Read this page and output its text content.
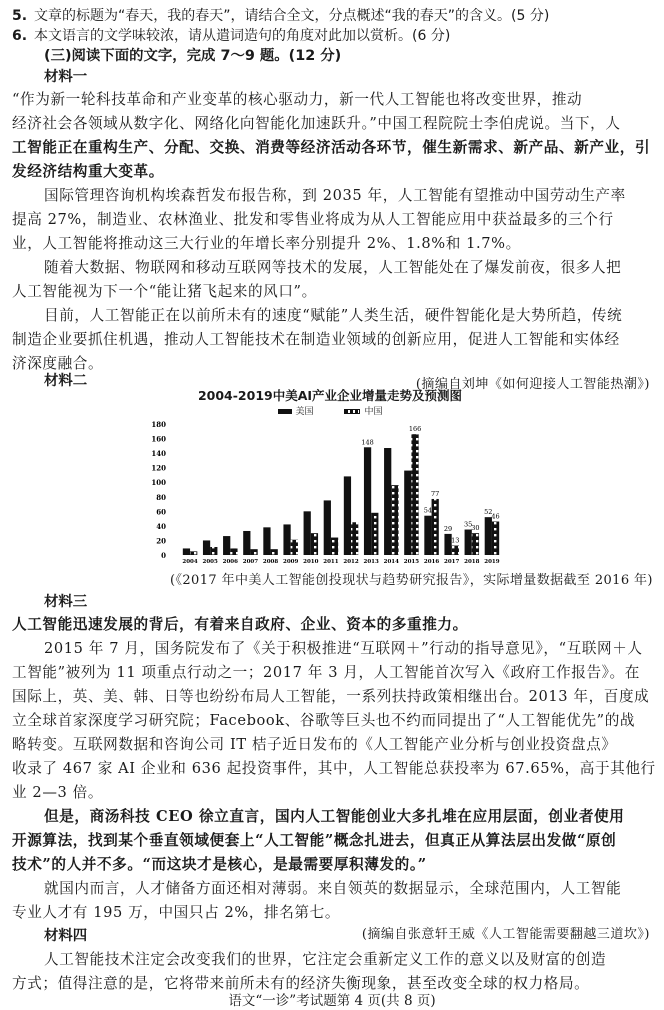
5. 文章的标题为“春天，我的春天”，请结合全文，分点概述“我的春天”的含义。(5 分)
6. 本文语言的文学味较浓，请从遣词造句的角度对此加以赏析。(6 分)
(三)阅读下面的文字，完成 7～9 题。(12 分)
材料一
“作为新一轮科技革命和产业变革的核心驱动力，新一代人工智能也将改变世界，推动
经济社会各领域从数字化、网络化向智能化加速跃升。”中国工程院院士李伯虎说。当下，人
工智能正在重构生产、分配、交换、消费等经济活动各环节，催生新需求、新产品、新产业，引
发经济结构重大变革。
国际管理咨询机构埃森哲发布报告称，到 2035 年，人工智能有望推动中国劳动生产率
提高 27%，制造业、农林渔业、批发和零售业将成为从人工智能应用中获益最多的三个行
业，人工智能将推动这三大行业的年增长率分别提升 2%、1.8%和 1.7%。
随着大数据、物联网和移动互联网等技术的发展，人工智能处在了爆发前夜，很多人把
人工智能视为下一个“能让猪飞起来的风口”。
目前，人工智能正在以前所未有的速度“赋能”人类生活，硬件智能化是大势所趋，传统
制造企业要抓住机遇，推动人工智能技术在制造业领域的创新应用，促进人工智能和实体经
济深度融合。
(摘编自刘坤《如何迎接人工智能热潮》)
材料二
2004-2019中美AI产业企业增量走势及预测图
美国	中国
0
20
40
60
80
100
120
140
160
180
2004 2005 2006 2007 2008 2009 2010 2011 2012 2013 2014 2015 2016 2017 2018 2019
148
166
54
77
29
13
35
30
52
46
(《2017 年中美人工智能创投现状与趋势研究报告》，实际增量数据截至 2016 年)
材料三
人工智能迅速发展的背后，有着来自政府、企业、资本的多重推力。
2015 年 7 月，国务院发布了《关于积极推进“互联网＋”行动的指导意见》，“互联网＋人
工智能”被列为 11 项重点行动之一；2017 年 3 月，人工智能首次写入《政府工作报告》。在
国际上，英、美、韩、日等也纷纷布局人工智能，一系列扶持政策相继出台。2013 年，百度成
立全球首家深度学习研究院；Facebook、谷歌等巨头也不约而同提出了“人工智能优先”的战
略转变。互联网数据和咨询公司 IT 桔子近日发布的《人工智能产业分析与创业投资盘点》
收录了 467 家 AI 企业和 636 起投资事件，其中，人工智能总获投率为 67.65%，高于其他行
业 2—3 倍。
但是，商汤科技 CEO 徐立直言，国内人工智能创业大多扎堆在应用层面，创业者使用
开源算法，找到某个垂直领域便套上“人工智能”概念扎进去，但真正从算法层出发做“原创
技术”的人并不多。“而这块才是核心，是最需要厚积薄发的。”
就国内而言，人才储备方面还相对薄弱。来自领英的数据显示，全球范围内，人工智能
专业人才有 195 万，中国只占 2%，排名第七。
(摘编自张意轩王威《人工智能需要翻越三道坎》)
材料四
人工智能技术注定会改变我们的世界，它注定会重新定义工作的意义以及财富的创造
方式；值得注意的是，它将带来前所未有的经济失衡现象，甚至改变全球的权力格局。
语文“一诊”考试题第 4 页(共 8 页)
